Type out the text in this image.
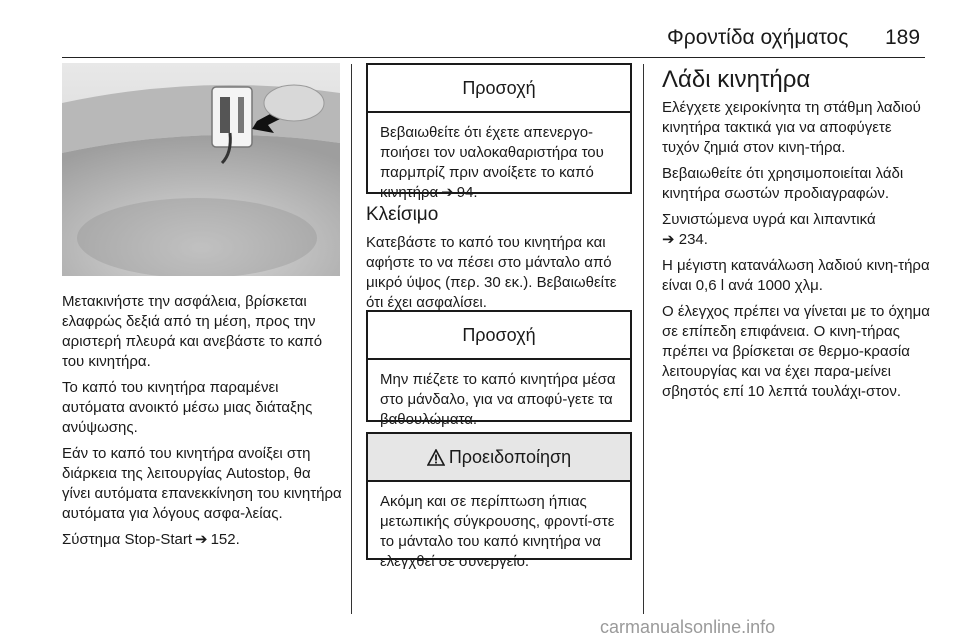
Φροντίδα οχήματος 189

Μετακινήστε την ασφάλεια, βρίσκεται ελαφρώς δεξιά από τη μέση, προς την αριστερή πλευρά και ανεβάστε το καπό του κινητήρα.

Το καπό του κινητήρα παραμένει αυτόματα ανοικτό μέσω μιας διάταξης ανύψωσης.

Εάν το καπό του κινητήρα ανοίξει στη διάρκεια της λειτουργίας Autostop, θα γίνει αυτόματα επανεκκίνηση του κινητήρα αυτόματα για λόγους ασφα‐λείας.

Σύστημα Stop-Start ➔ 152.

Προσοχή
Βεβαιωθείτε ότι έχετε απενεργο‐ποιήσει τον υαλοκαθαριστήρα του παρμπρίζ πριν ανοίξετε το καπό κινητήρα ➔ 94.
Κλείσιμο

Κατεβάστε το καπό του κινητήρα και αφήστε το να πέσει στο μάνταλο από μικρό ύψος (περ. 30 εκ.). Βεβαιωθείτε ότι έχει ασφαλίσει.

Προσοχή
Μην πιέζετε το καπό κινητήρα μέσα στο μάνδαλο, για να αποφύ‐γετε τα βαθουλώματα.
Προειδοποίηση
Ακόμη και σε περίπτωση ήπιας μετωπικής σύγκρουσης, φροντί‐στε το μάνταλο του καπό κινητήρα να ελεγχθεί σε συνεργείο.
Λάδι κινητήρα

Ελέγχετε χειροκίνητα τη στάθμη λαδιού κινητήρα τακτικά για να αποφύγετε τυχόν ζημιά στον κινη‐τήρα.

Βεβαιωθείτε ότι χρησιμοποιείται λάδι κινητήρα σωστών προδιαγραφών.

Συνιστώμενα υγρά και λιπαντικά
➔ 234.

Η μέγιστη κατανάλωση λαδιού κινη‐τήρα είναι 0,6 l ανά 1000 χλμ.

Ο έλεγχος πρέπει να γίνεται με το όχημα σε επίπεδη επιφάνεια. Ο κινη‐τήρας πρέπει να βρίσκεται σε θερμο‐κρασία λειτουργίας και να έχει παρα‐μείνει σβηστός επί 10 λεπτά τουλάχι‐στον.

carmanualsonline.info
